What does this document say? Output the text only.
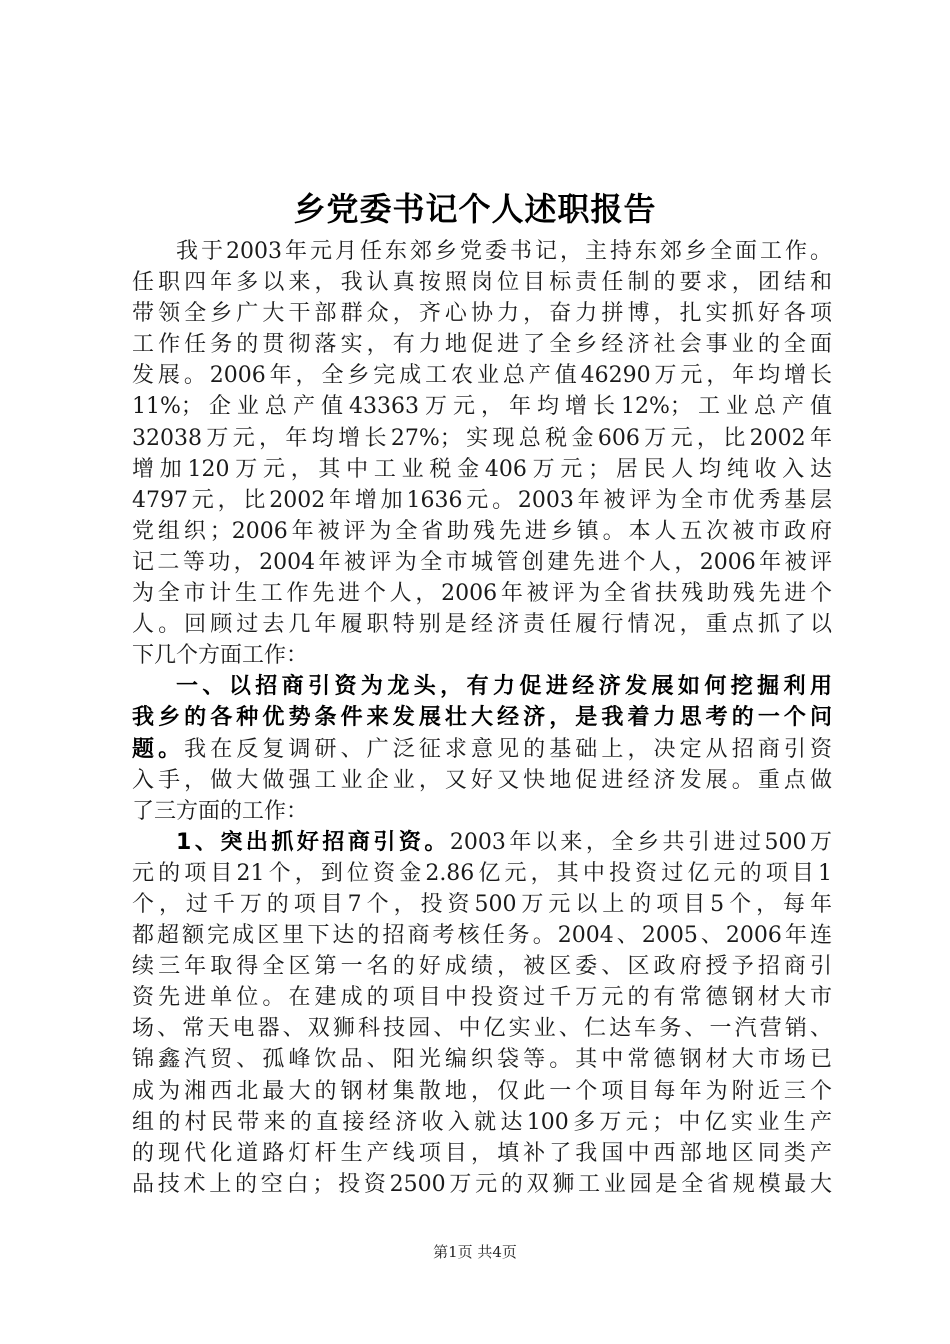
乡党委书记个人述职报告
我于2003年元月任东郊乡党委书记，主持东郊乡全面工作。
任职四年多以来，我认真按照岗位目标责任制的要求，团结和
带领全乡广大干部群众，齐心协力，奋力拼博，扎实抓好各项
工作任务的贯彻落实，有力地促进了全乡经济社会事业的全面
发展。2006年，全乡完成工农业总产值46290万元，年均增长
11%；企业总产值43363万元，年均增长12%；工业总产值
32038万元，年均增长27%；实现总税金606万元，比2002年
增加120万元，其中工业税金406万元；居民人均纯收入达
4797元，比2002年增加1636元。2003年被评为全市优秀基层
党组织；2006年被评为全省助残先进乡镇。本人五次被市政府
记二等功，2004年被评为全市城管创建先进个人，2006年被评
为全市计生工作先进个人，2006年被评为全省扶残助残先进个
人。回顾过去几年履职特别是经济责任履行情况，重点抓了以
下几个方面工作：
一、以招商引资为龙头，有力促进经济发展如何挖掘利用
我乡的各种优势条件来发展壮大经济，是我着力思考的一个问
题。我在反复调研、广泛征求意见的基础上，决定从招商引资
入手，做大做强工业企业，又好又快地促进经济发展。重点做
了三方面的工作：
1、突出抓好招商引资。2003年以来，全乡共引进过500万
元的项目21个，到位资金2.86亿元，其中投资过亿元的项目1
个，过千万的项目7个，投资500万元以上的项目5个，每年
都超额完成区里下达的招商考核任务。2004、2005、2006年连
续三年取得全区第一名的好成绩，被区委、区政府授予招商引
资先进单位。在建成的项目中投资过千万元的有常德钢材大市
场、常天电器、双狮科技园、中亿实业、仁达车务、一汽营销、
锦鑫汽贸、孤峰饮品、阳光编织袋等。其中常德钢材大市场已
成为湘西北最大的钢材集散地，仅此一个项目每年为附近三个
组的村民带来的直接经济收入就达100多万元；中亿实业生产
的现代化道路灯杆生产线项目，填补了我国中西部地区同类产
品技术上的空白；投资2500万元的双狮工业园是全省规模最大
第1页 共4页
